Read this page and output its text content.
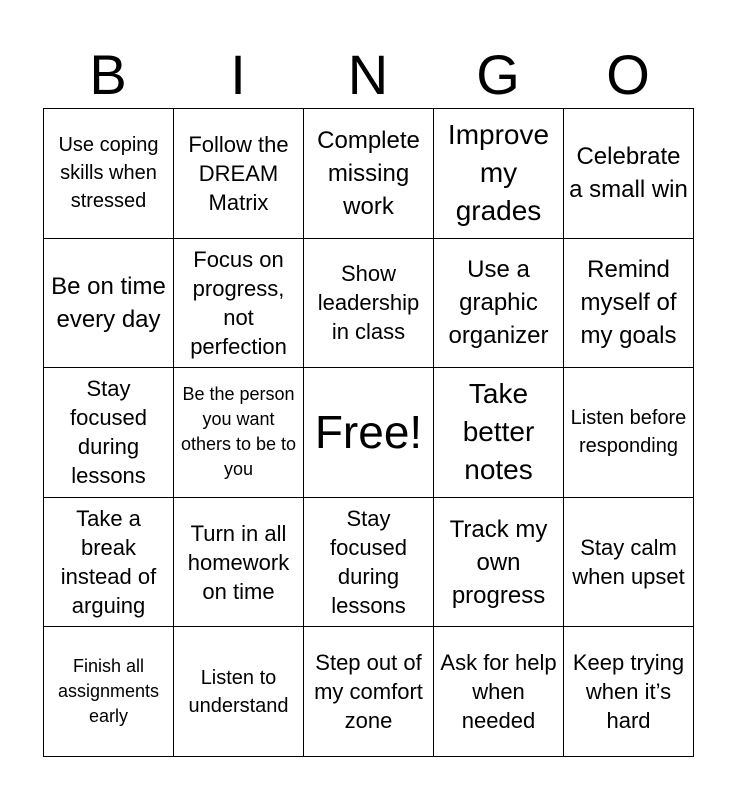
B	I	N	G	O
Use coping skills when stressed	Follow the DREAM Matrix	Complete missing work	Improve my grades	Celebrate a small win

Be on time every day	Focus on progress, not perfection	Show leadership in class	Use a graphic organizer	Remind myself of my goals

Stay focused during lessons	Be the person you want others to be to you	Free!	Take better notes	Listen before responding

Take a break instead of arguing	Turn in all homework on time	Stay focused during lessons	Track my own progress	Stay calm when upset

Finish all assignments early	Listen to understand	Step out of my comfort zone	Ask for help when needed	Keep trying when it’s hard
